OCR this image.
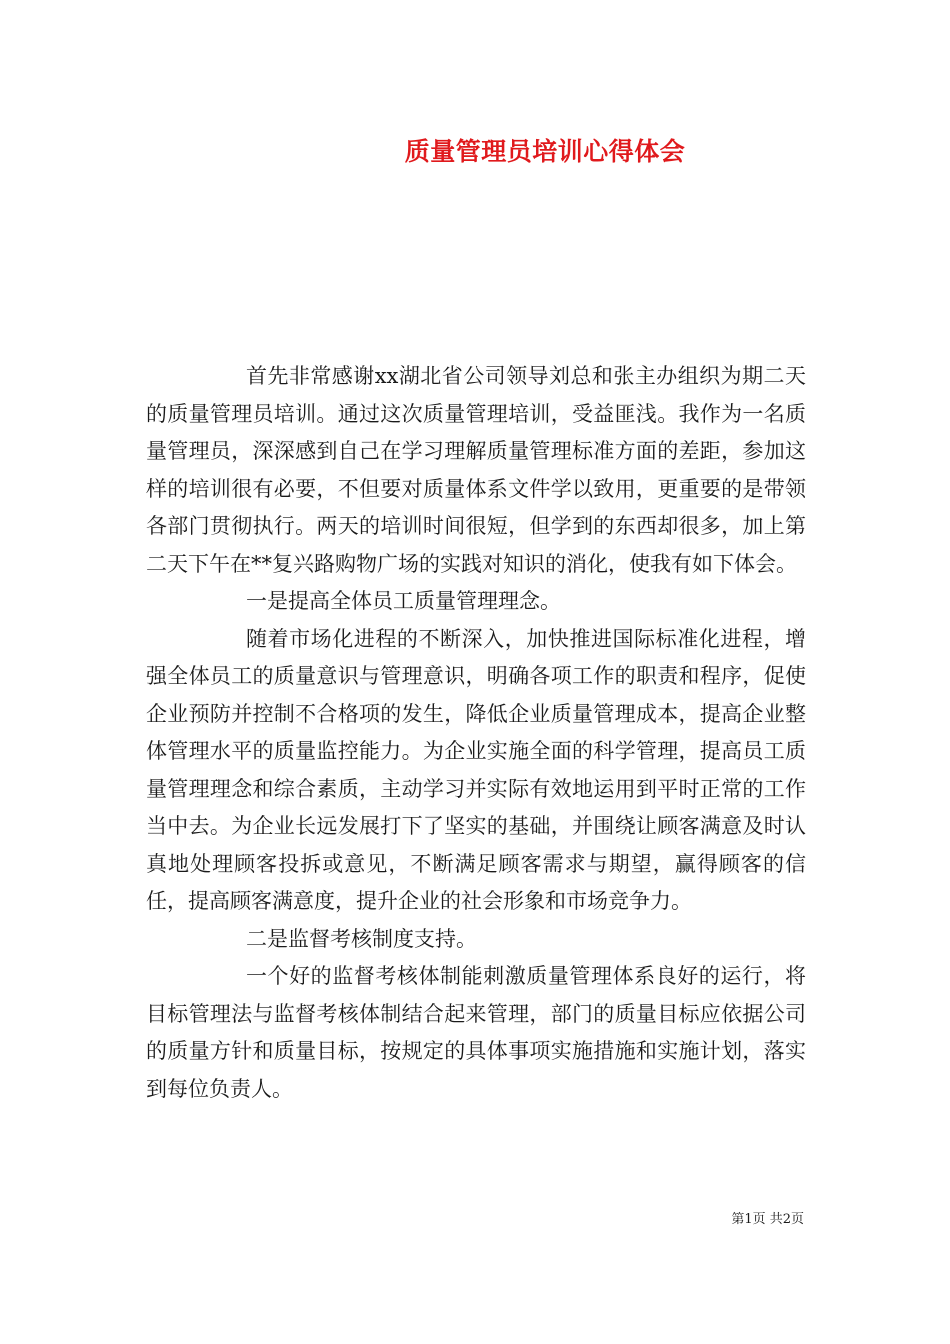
质量管理员培训心得体会

首先非常感谢xx湖北省公司领导刘总和张主办组织为期二天的质量管理员培训。通过这次质量管理培训，受益匪浅。我作为一名质量管理员，深深感到自己在学习理解质量管理标准方面的差距，参加这样的培训很有必要，不但要对质量体系文件学以致用，更重要的是带领各部门贯彻执行。两天的培训时间很短，但学到的东西却很多，加上第二天下午在**复兴路购物广场的实践对知识的消化，使我有如下体会。

一是提高全体员工质量管理理念。

随着市场化进程的不断深入，加快推进国际标准化进程，增强全体员工的质量意识与管理意识，明确各项工作的职责和程序，促使企业预防并控制不合格项的发生，降低企业质量管理成本，提高企业整体管理水平的质量监控能力。为企业实施全面的科学管理，提高员工质量管理理念和综合素质，主动学习并实际有效地运用到平时正常的工作当中去。为企业长远发展打下了坚实的基础，并围绕让顾客满意及时认真地处理顾客投拆或意见，不断满足顾客需求与期望，赢得顾客的信任，提高顾客满意度，提升企业的社会形象和市场竞争力。

二是监督考核制度支持。

一个好的监督考核体制能刺激质量管理体系良好的运行，将目标管理法与监督考核体制结合起来管理，部门的质量目标应依据公司的质量方针和质量目标，按规定的具体事项实施措施和实施计划，落实到每位负责人。

第1页 共2页
